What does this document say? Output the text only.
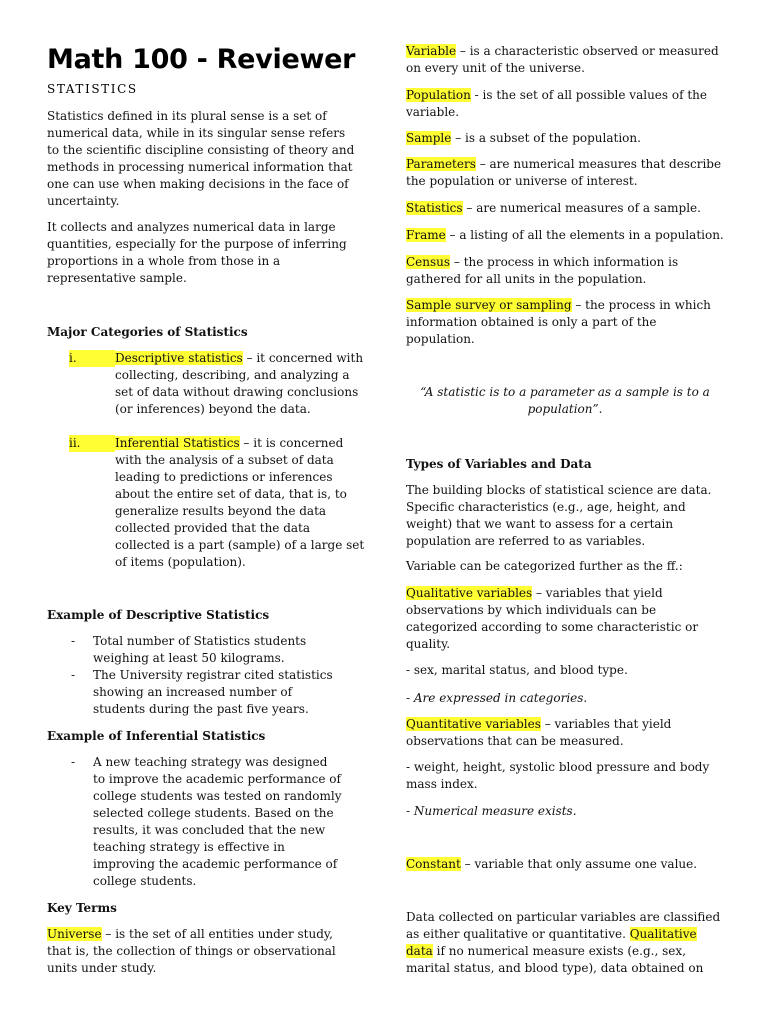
Math 100 - Reviewer
STATISTICS

Statistics defined in its plural sense is a set of numerical data, while in its singular sense refers to the scientific discipline consisting of theory and methods in processing numerical information that one can use when making decisions in the face of uncertainty.

It collects and analyzes numerical data in large quantities, especially for the purpose of inferring proportions in a whole from those in a representative sample.

Major Categories of Statistics
i.	Descriptive statistics – it concerned with collecting, describing, and analyzing a set of data without drawing conclusions (or inferences) beyond the data.
ii.	Inferential Statistics – it is concerned with the analysis of a subset of data leading to predictions or inferences about the entire set of data, that is, to generalize results beyond the data collected provided that the data collected is a part (sample) of a large set of items (population).
Example of Descriptive Statistics
- Total number of Statistics students weighing at least 50 kilograms.
- The University registrar cited statistics showing an increased number of students during the past five years.
Example of Inferential Statistics
- A new teaching strategy was designed to improve the academic performance of college students was tested on randomly selected college students. Based on the results, it was concluded that the new teaching strategy is effective in improving the academic performance of college students.
Key Terms

Universe – is the set of all entities under study, that is, the collection of things or observational units under study.

Variable – is a characteristic observed or measured on every unit of the universe.

Population - is the set of all possible values of the variable.

Sample – is a subset of the population.

Parameters – are numerical measures that describe the population or universe of interest.

Statistics – are numerical measures of a sample.

Frame – a listing of all the elements in a population.

Census – the process in which information is gathered for all units in the population.

Sample survey or sampling – the process in which information obtained is only a part of the population.

“A statistic is to a parameter as a sample is to a population”.

Types of Variables and Data

The building blocks of statistical science are data. Specific characteristics (e.g., age, height, and weight) that we want to assess for a certain population are referred to as variables.

Variable can be categorized further as the ff.:

Qualitative variables – variables that yield observations by which individuals can be categorized according to some characteristic or quality.

- sex, marital status, and blood type.

- Are expressed in categories.

Quantitative variables – variables that yield observations that can be measured.

- weight, height, systolic blood pressure and body mass index.

- Numerical measure exists.

Constant – variable that only assume one value.

Data collected on particular variables are classified as either qualitative or quantitative. Qualitative data if no numerical measure exists (e.g., sex, marital status, and blood type), data obtained on
